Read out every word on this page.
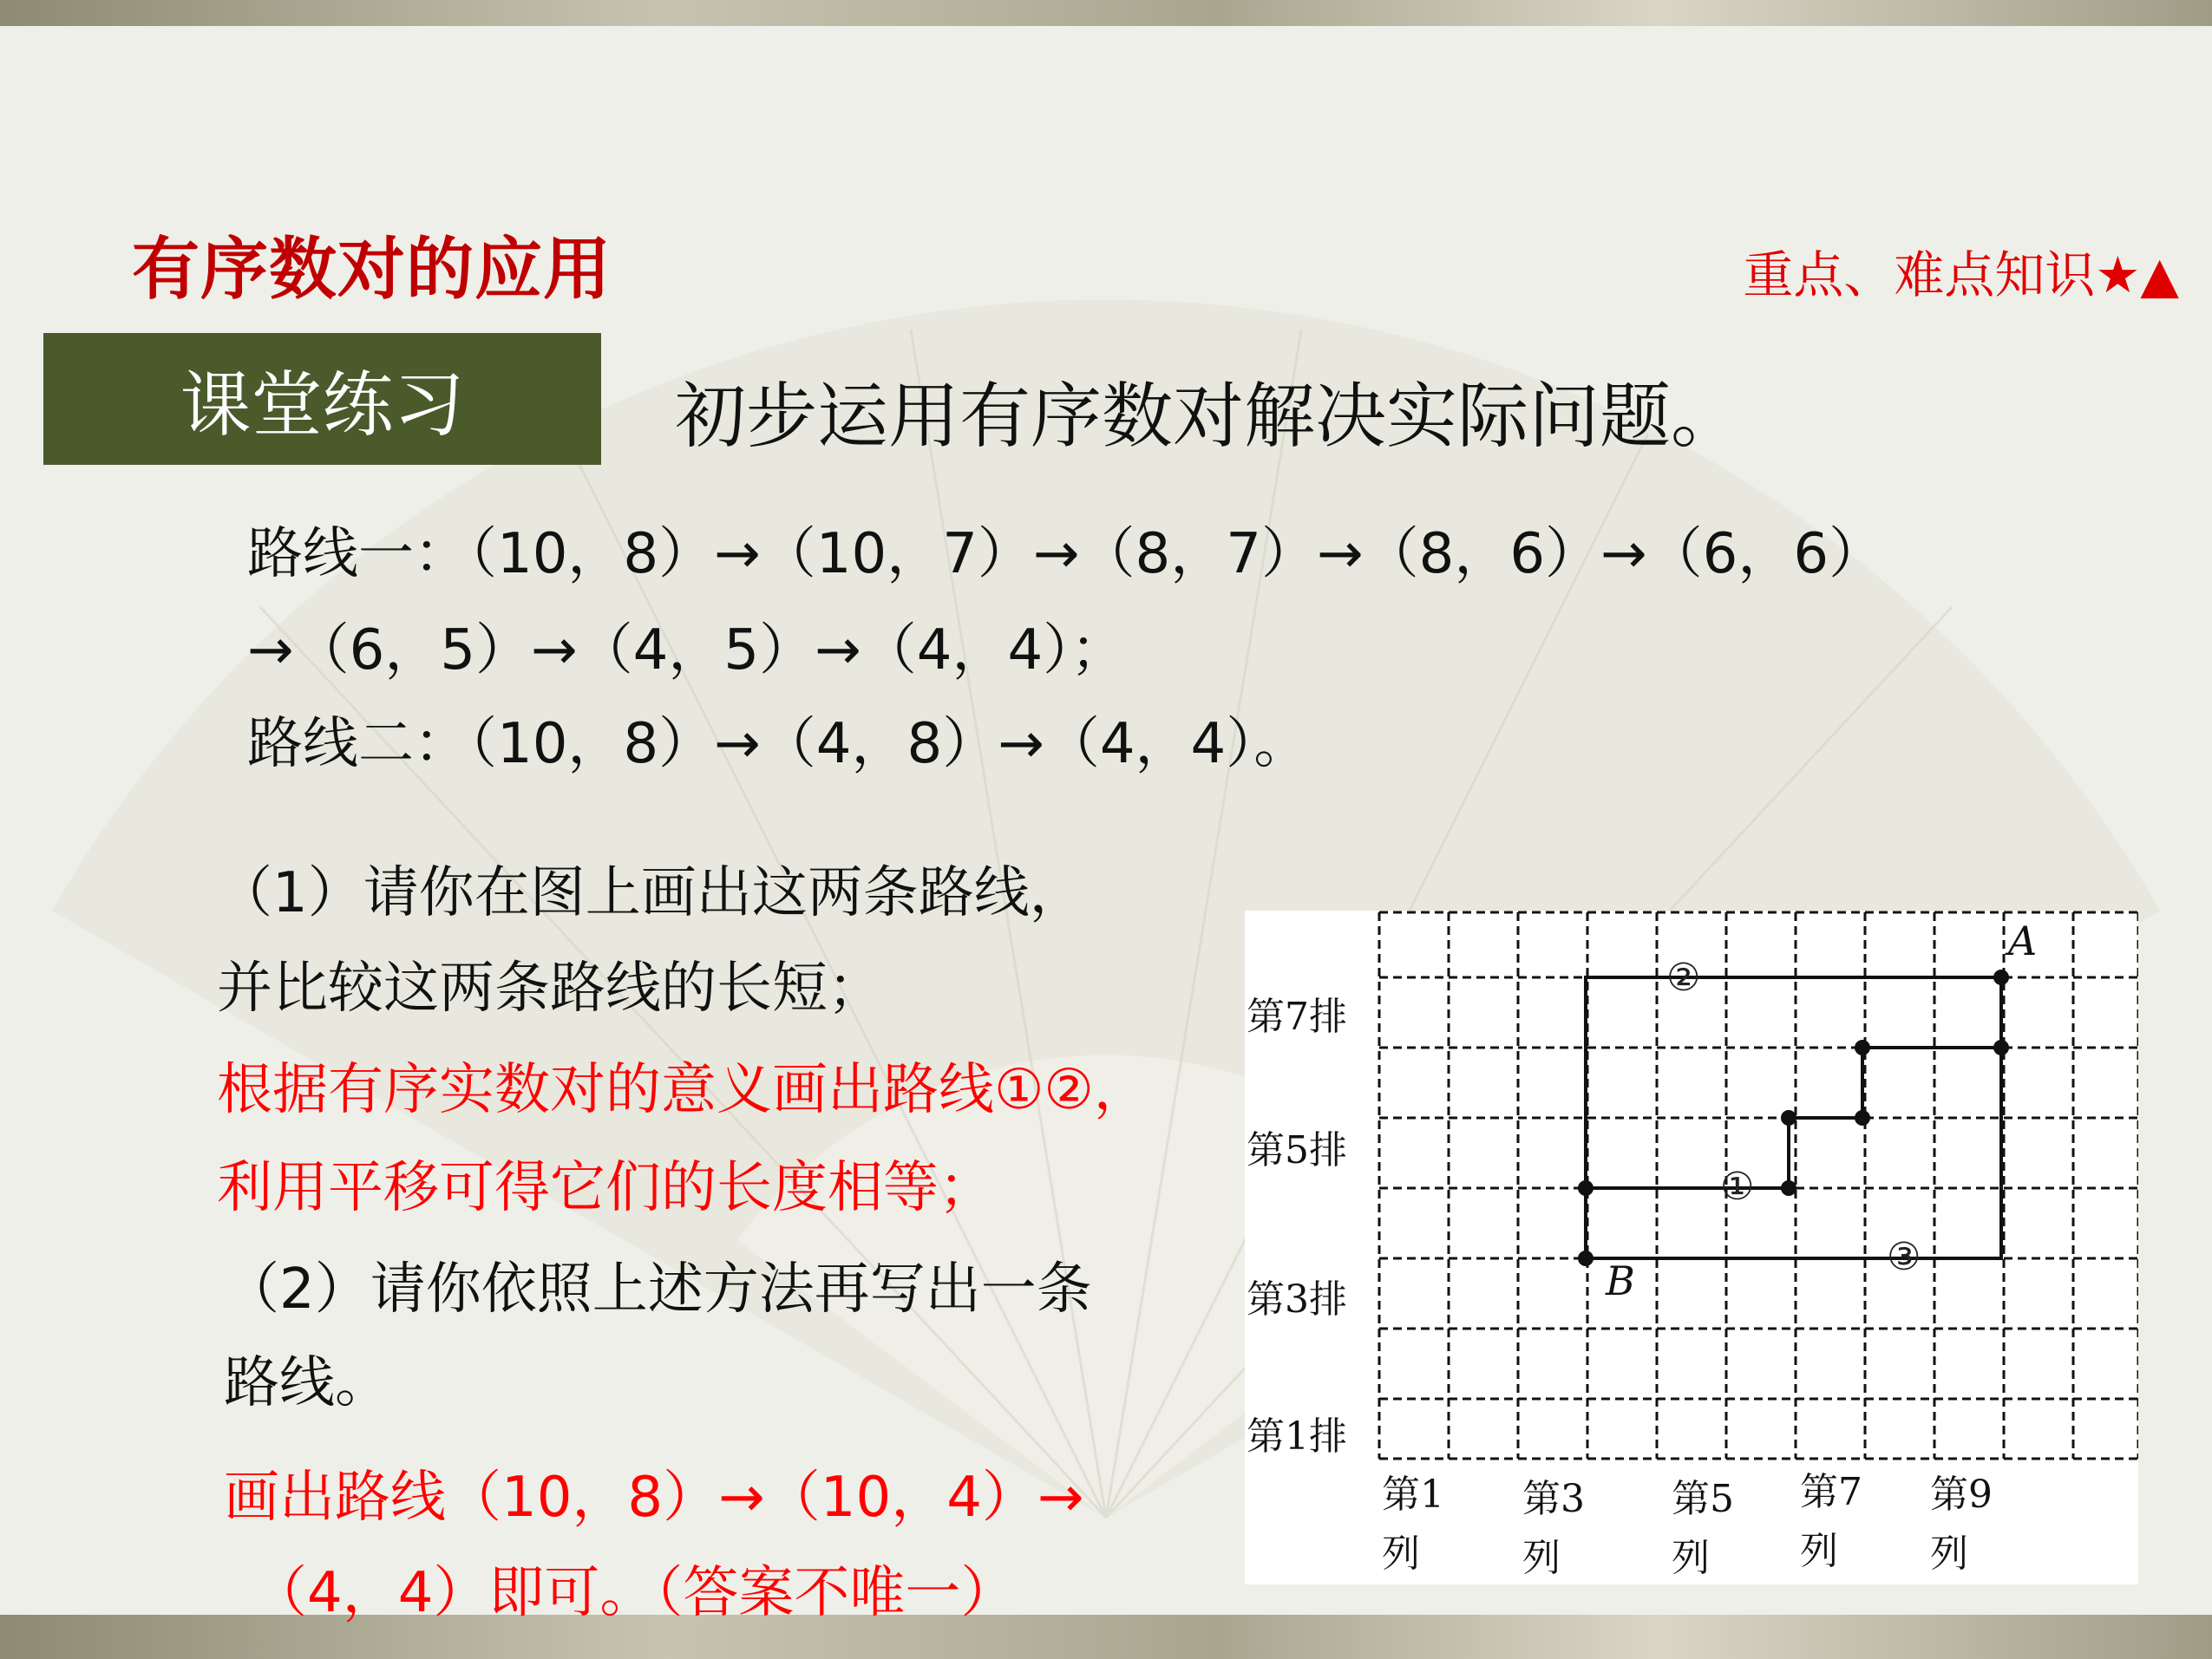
有序数对的应用	重点、难点知识★▲
课堂练习	初步运用有序数对解决实际问题。
路线一：（10，8）→（10，7）→（8，7）→（8，6）→（6，6）
→（6，5）→（4，5）→（4，4）；
路线二：（10，8）→（4，8）→（4，4）。
（1）请你在图上画出这两条路线，
并比较这两条路线的长短；
根据有序实数对的意义画出路线①②，
利用平移可得它们的长度相等；
（2）请你依照上述方法再写出一条
路线。
画出路线（10，8）→（10，4）→
（4，4）即可。（答案不唯一）
第7排
第5排
第3排
第1排
第1
列
第3
列
第5
列
第7
列
第9
列
A
B
①
②
③
